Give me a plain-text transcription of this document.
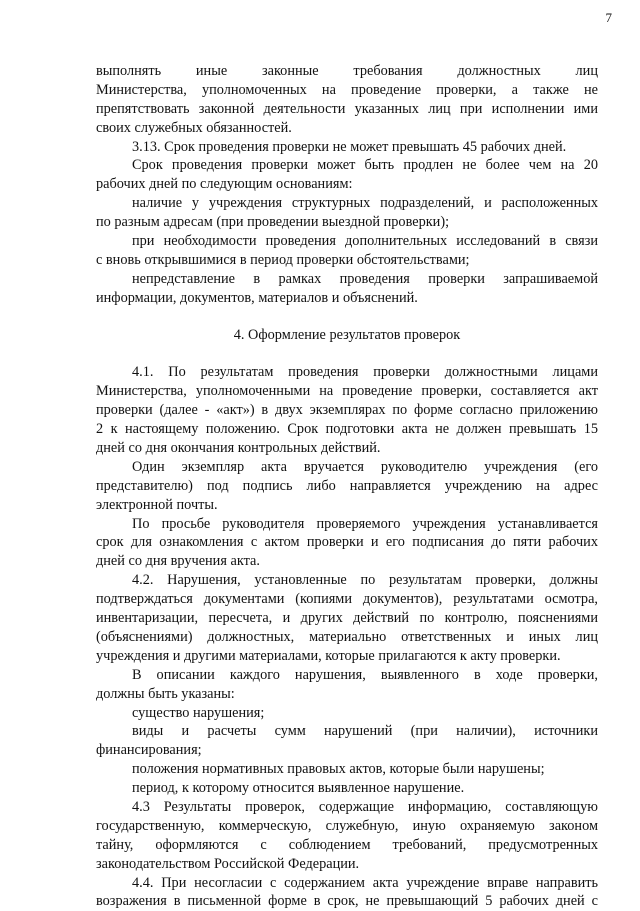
7
выполнять иные законные требования должностных лиц
Министерства, уполномоченных на проведение проверки, а также не
препятствовать законной деятельности указанных лиц при исполнении ими
своих служебных обязанностей.
3.13. Срок проведения проверки не может превышать 45 рабочих дней.
Срок проведения проверки может быть продлен не более чем на 20
рабочих дней по следующим основаниям:
наличие у учреждения структурных подразделений, и расположенных
по разным адресам (при проведении выездной проверки);
при необходимости проведения дополнительных исследований в связи
с вновь открывшимися в период проверки обстоятельствами;
непредставление в рамках проведения проверки запрашиваемой
информации, документов, материалов и объяснений.
4. Оформление результатов проверок
4.1. По результатам проведения проверки должностными лицами
Министерства, уполномоченными на проведение проверки, составляется акт
проверки (далее - «акт») в двух экземплярах по форме согласно приложению
2 к настоящему положению. Срок подготовки акта не должен превышать 15
дней со дня окончания контрольных действий.
Один экземпляр акта вручается руководителю учреждения (его
представителю) под подпись либо направляется учреждению на адрес
электронной почты.
По просьбе руководителя проверяемого учреждения устанавливается
срок для ознакомления с актом проверки и его подписания до пяти рабочих
дней со дня вручения акта.
4.2. Нарушения, установленные по результатам проверки, должны
подтверждаться документами (копиями документов), результатами осмотра,
инвентаризации, пересчета, и других действий по контролю, пояснениями
(объяснениями) должностных, материально ответственных и иных лиц
учреждения и другими материалами, которые прилагаются к акту проверки.
В описании каждого нарушения, выявленного в ходе проверки,
должны быть указаны:
существо нарушения;
виды и расчеты сумм нарушений (при наличии), источники
финансирования;
положения нормативных правовых актов, которые были нарушены;
период, к которому относится выявленное нарушение.
4.3 Результаты проверок, содержащие информацию, составляющую
государственную, коммерческую, служебную, иную охраняемую законом
тайну, оформляются с соблюдением требований, предусмотренных
законодательством Российской Федерации.
4.4. При несогласии с содержанием акта учреждение вправе направить
возражения в письменной форме в срок, не превышающий 5 рабочих дней с
